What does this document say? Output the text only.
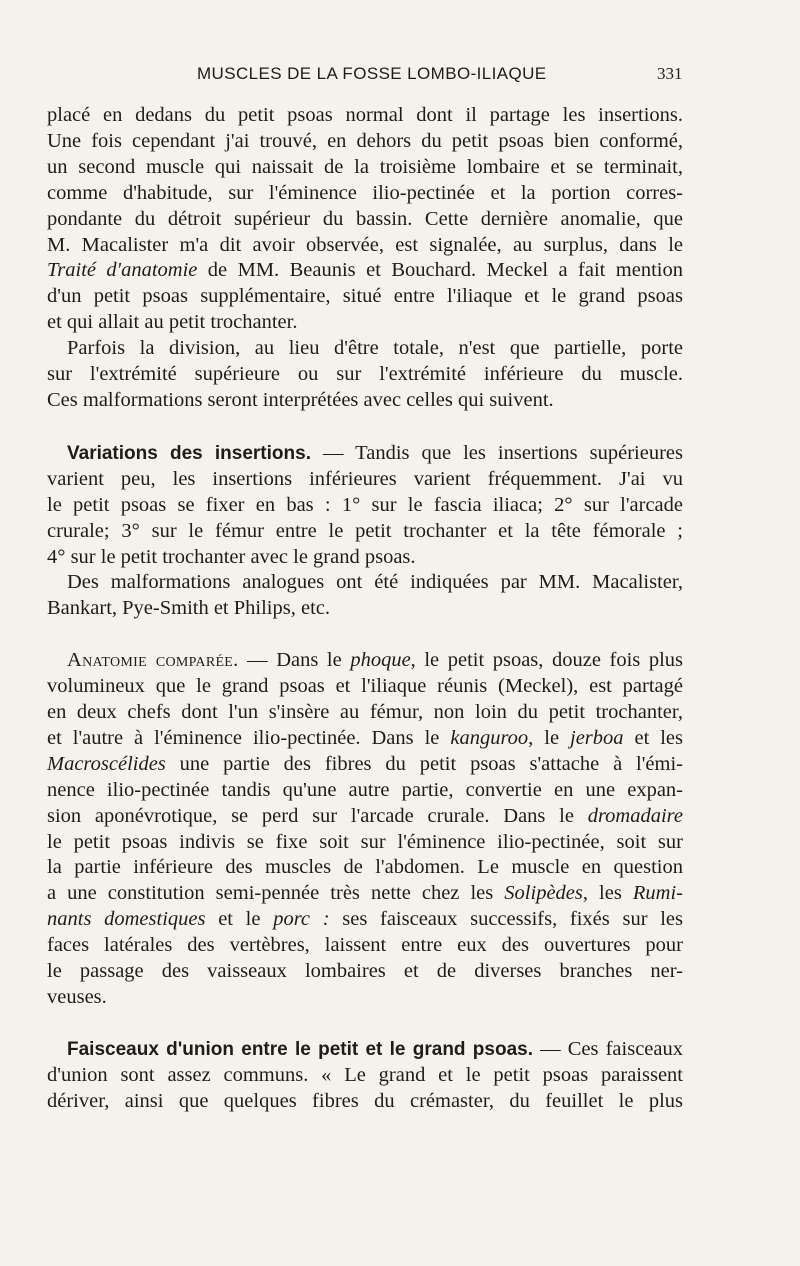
MUSCLES DE LA FOSSE LOMBO-ILIAQUE	331

placé en dedans du petit psoas normal dont il partage les insertions.
Une fois cependant j'ai trouvé, en dehors du petit psoas bien conformé,
un second muscle qui naissait de la troisième lombaire et se terminait,
comme d'habitude, sur l'éminence ilio-pectinée et la portion corres-
pondante du détroit supérieur du bassin. Cette dernière anomalie, que
M. Macalister m'a dit avoir observée, est signalée, au surplus, dans le
Traité d'anatomie de MM. Beaunis et Bouchard. Meckel a fait mention
d'un petit psoas supplémentaire, situé entre l'iliaque et le grand psoas
et qui allait au petit trochanter.

Parfois la division, au lieu d'être totale, n'est que partielle, porte
sur l'extrémité supérieure ou sur l'extrémité inférieure du muscle.
Ces malformations seront interprétées avec celles qui suivent.

Variations des insertions. — Tandis que les insertions supérieures
varient peu, les insertions inférieures varient fréquemment. J'ai vu
le petit psoas se fixer en bas : 1° sur le fascia iliaca; 2° sur l'arcade
crurale; 3° sur le fémur entre le petit trochanter et la tête fémorale ;
4° sur le petit trochanter avec le grand psoas.

Des malformations analogues ont été indiquées par MM. Macalister,
Bankart, Pye-Smith et Philips, etc.

Anatomie comparée. — Dans le phoque, le petit psoas, douze fois plus
volumineux que le grand psoas et l'iliaque réunis (Meckel), est partagé
en deux chefs dont l'un s'insère au fémur, non loin du petit trochanter,
et l'autre à l'éminence ilio-pectinée. Dans le kanguroo, le jerboa et les
Macroscélides une partie des fibres du petit psoas s'attache à l'émi-
nence ilio-pectinée tandis qu'une autre partie, convertie en une expan-
sion aponévrotique, se perd sur l'arcade crurale. Dans le dromadaire
le petit psoas indivis se fixe soit sur l'éminence ilio-pectinée, soit sur
la partie inférieure des muscles de l'abdomen. Le muscle en question
a une constitution semi-pennée très nette chez les Solipèdes, les Rumi-
nants domestiques et le porc : ses faisceaux successifs, fixés sur les
faces latérales des vertèbres, laissent entre eux des ouvertures pour
le passage des vaisseaux lombaires et de diverses branches ner-
veuses.

Faisceaux d'union entre le petit et le grand psoas. — Ces faisceaux
d'union sont assez communs. « Le grand et le petit psoas paraissent
dériver, ainsi que quelques fibres du crémaster, du feuillet le plus
